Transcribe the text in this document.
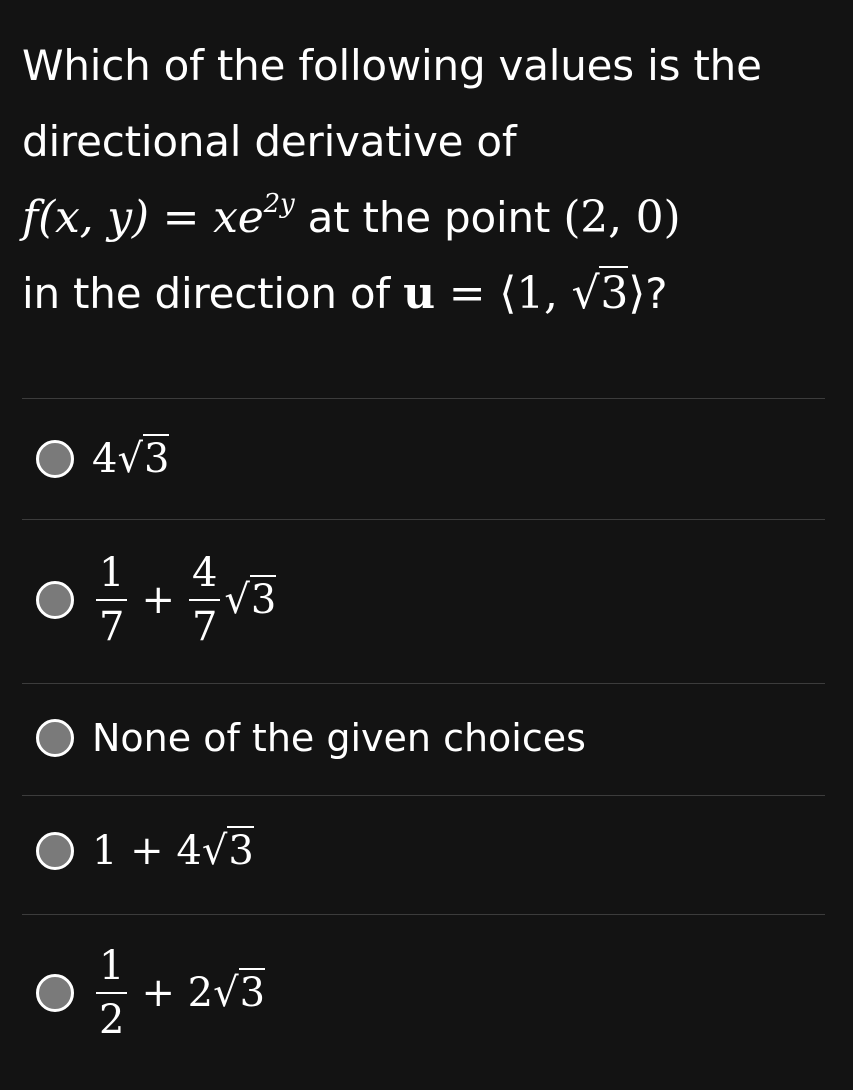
Which of the following values is the
directional derivative of
f(x, $y) = xe^{2y}$ at the point (2, 0)
in the direction of u = ⟨1, √3⟩?
4 √3
$\frac{1}{7} + \frac{4}{7} √3$
None of the given choices
1 + 4 √3
$\frac{1}{2} + 2$ √3
